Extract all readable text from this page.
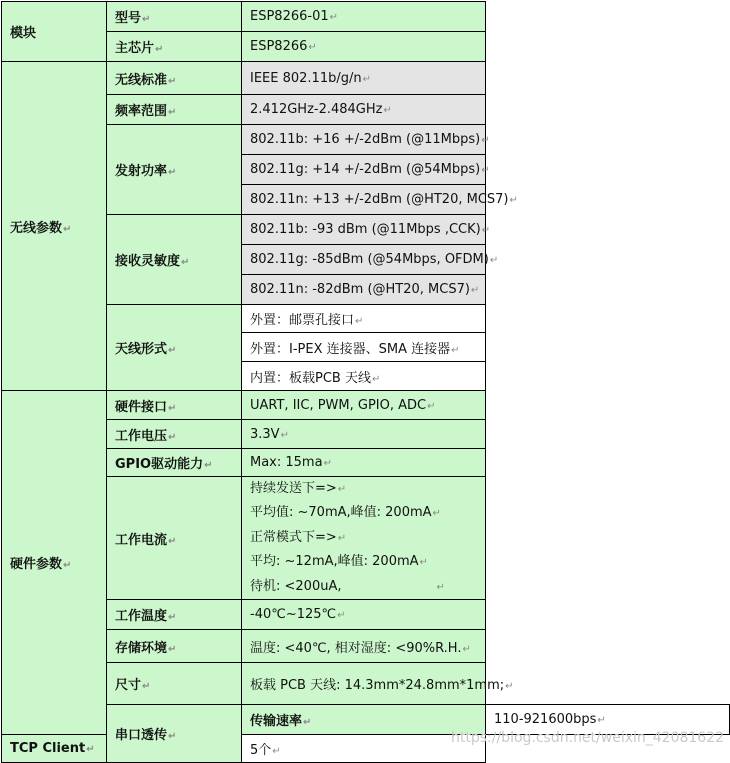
模块	型号↵	ESP8266-01↵	
	主芯片↵	ESP8266↵	
无线参数↵	无线标准↵	IEEE 802.11b/g/n↵	
	频率范围↵	2.412GHz-2.484GHz↵	
	发射功率↵	802.11b: +16 +/-2dBm (@11Mbps)↵	
		802.11g: +14 +/-2dBm (@54Mbps)↵	
		802.11n: +13 +/-2dBm (@HT20, MCS7)↵	
	接收灵敏度↵	802.11b: -93 dBm (@11Mbps ,CCK)↵	
		802.11g: -85dBm (@54Mbps, OFDM)↵	
		802.11n: -82dBm (@HT20, MCS7)↵	
	天线形式↵	外置：邮票孔接口↵	
		外置：I-PEX 连接器、SMA 连接器↵	
		内置：板载PCB 天线↵	
硬件参数↵	硬件接口↵	UART, IIC, PWM, GPIO, ADC↵	
	工作电压↵	3.3V↵	
	GPIO驱动能力↵	Max: 15ma↵	
	工作电流↵	持续发送下=>↵
平均值: ~70mA,峰值: 200mA↵
正常模式下=>↵
平均: ~12mA,峰值: 200mA↵
待机: <200uA, ↵	

	工作温度↵	-40℃~125℃↵	
	存储环境↵	温度: <40℃, 相对湿度: <90%R.H.↵	
	尺寸↵	板载 PCB 天线: 14.3mm*24.8mm*1mm;↵	
	串口透传↵	传输速率↵	110-921600bps↵
TCP Client↵		5个↵	
https://blog.csdn.net/weixin_42081622
